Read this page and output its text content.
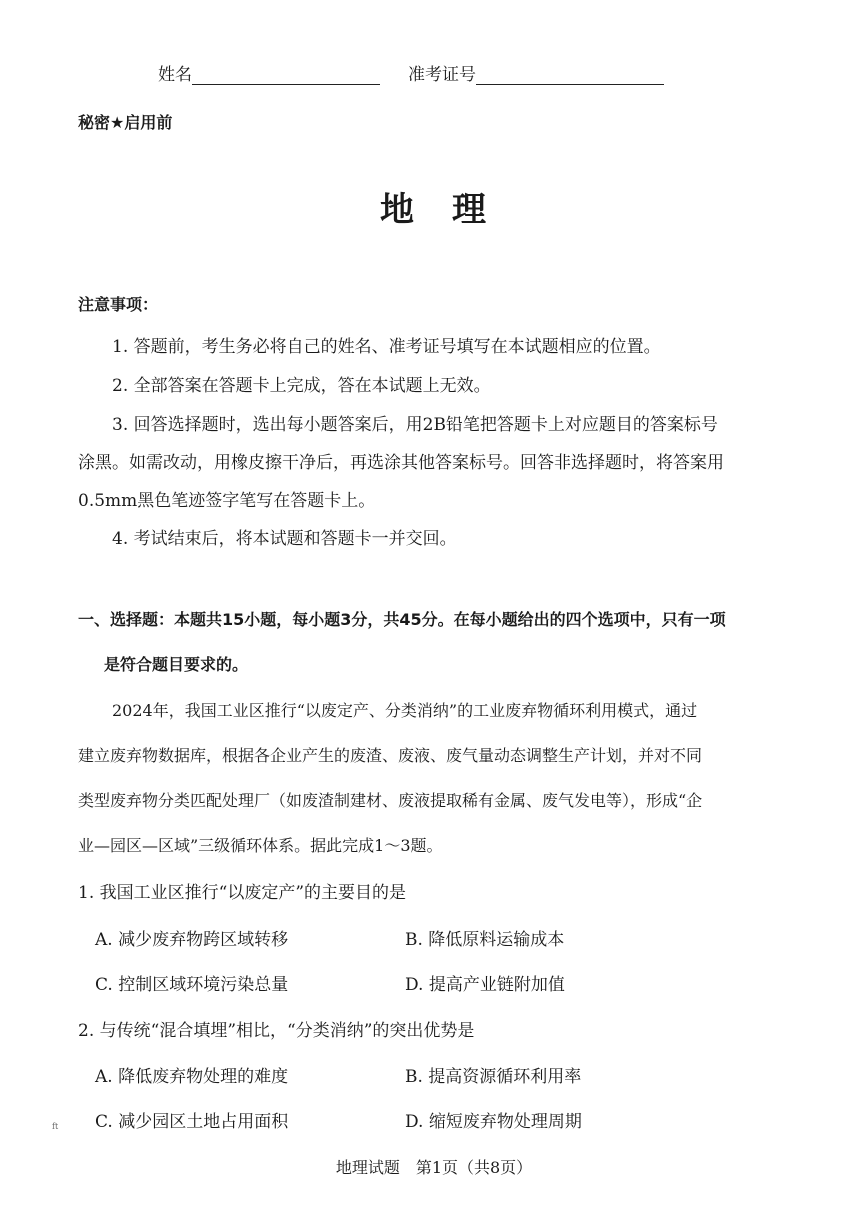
姓名	准考证号
秘密★启用前
地　理
注意事项：
1. 答题前，考生务必将自己的姓名、准考证号填写在本试题相应的位置。
2. 全部答案在答题卡上完成，答在本试题上无效。
3. 回答选择题时，选出每小题答案后，用2B铅笔把答题卡上对应题目的答案标号
涂黑。如需改动，用橡皮擦干净后，再选涂其他答案标号。回答非选择题时，将答案用
0.5mm黑色笔迹签字笔写在答题卡上。
4. 考试结束后，将本试题和答题卡一并交回。
一、选择题：本题共15小题，每小题3分，共45分。在每小题给出的四个选项中，只有一项
是符合题目要求的。
2024年，我国工业区推行“以废定产、分类消纳”的工业废弃物循环利用模式，通过
建立废弃物数据库，根据各企业产生的废渣、废液、废气量动态调整生产计划，并对不同
类型废弃物分类匹配处理厂（如废渣制建材、废液提取稀有金属、废气发电等），形成“企
业—园区—区域”三级循环体系。据此完成1～3题。
1. 我国工业区推行“以废定产”的主要目的是
A. 减少废弃物跨区域转移	B. 降低原料运输成本
C. 控制区域环境污染总量	D. 提高产业链附加值
2. 与传统“混合填埋”相比，“分类消纳”的突出优势是
A. 降低废弃物处理的难度	B. 提高资源循环利用率
C. 减少园区土地占用面积	D. 缩短废弃物处理周期
ft
地理试题　第1页（共8页）
